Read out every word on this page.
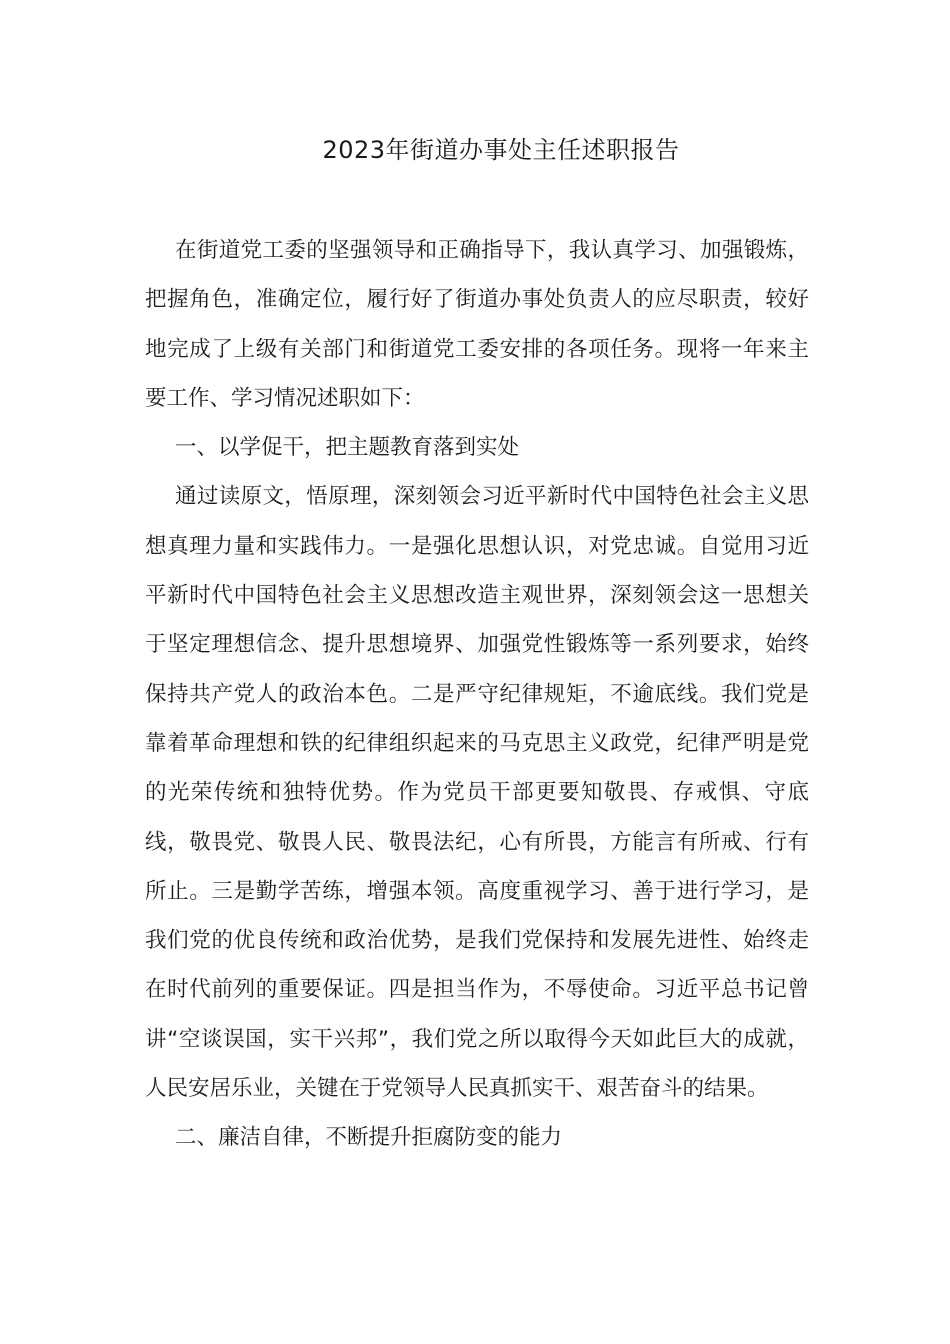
2023年街道办事处主任述职报告

在街道党工委的坚强领导和正确指导下，我认真学习、加强锻炼，把握角色，准确定位，履行好了街道办事处负责人的应尽职责，较好地完成了上级有关部门和街道党工委安排的各项任务。现将一年来主要工作、学习情况述职如下：

一、以学促干，把主题教育落到实处

通过读原文，悟原理，深刻领会习近平新时代中国特色社会主义思想真理力量和实践伟力。一是强化思想认识，对党忠诚。自觉用习近平新时代中国特色社会主义思想改造主观世界，深刻领会这一思想关于坚定理想信念、提升思想境界、加强党性锻炼等一系列要求，始终保持共产党人的政治本色。二是严守纪律规矩，不逾底线。我们党是靠着革命理想和铁的纪律组织起来的马克思主义政党，纪律严明是党的光荣传统和独特优势。作为党员干部更要知敬畏、存戒惧、守底线，敬畏党、敬畏人民、敬畏法纪，心有所畏，方能言有所戒、行有所止。三是勤学苦练，增强本领。高度重视学习、善于进行学习，是我们党的优良传统和政治优势，是我们党保持和发展先进性、始终走在时代前列的重要保证。四是担当作为，不辱使命。习近平总书记曾讲“空谈误国，实干兴邦”，我们党之所以取得今天如此巨大的成就，人民安居乐业，关键在于党领导人民真抓实干、艰苦奋斗的结果。

二、廉洁自律，不断提升拒腐防变的能力
